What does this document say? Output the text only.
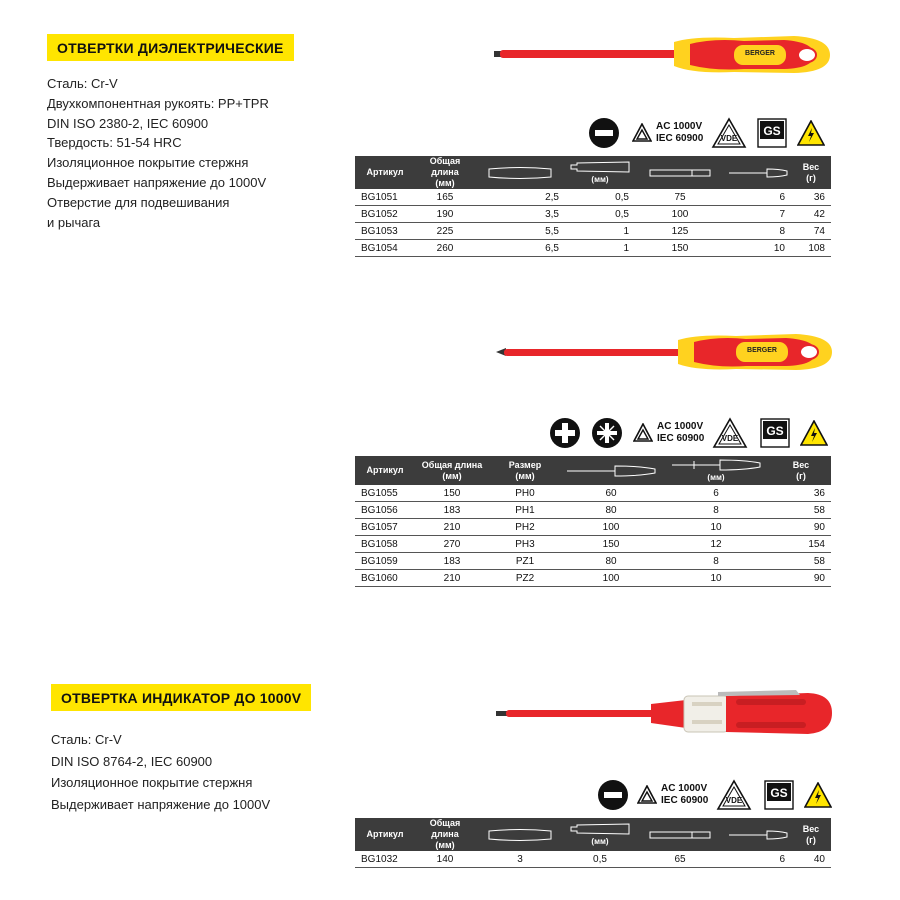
ОТВЕРТКИ ДИЭЛЕКТРИЧЕСКИЕ
Сталь: Cr-V
Двухкомпонентная рукоять: PP+TPR
DIN ISO 2380-2, IEC 60900
Твердость: 51-54 HRC
Изоляционное покрытие стержня
Выдерживает напряжение до 1000V
Отверстие для подвешивания
и рычага
BERGER
AC 1000V
IEC 60900 VDE
GS
Артикул	Общая длина
(мм)		(мм)			Вес
(г)
BG1051	165	2,5	0,5	75	6	36
BG1052	190	3,5	0,5	100	7	42
BG1053	225	5,5	1	125	8	74
BG1054	260	6,5	1	150	10	108
BERGER
AC 1000V
IEC 60900 VDE
GS
Артикул	Общая длина
(мм)	Размер
(мм)		(мм)	Вес
(г)
BG1055	150	PH0	60	6	36
BG1056	183	PH1	80	8	58
BG1057	210	PH2	100	10	90
BG1058	270	PH3	150	12	154
BG1059	183	PZ1	80	8	58
BG1060	210	PZ2	100	10	90
ОТВЕРТКА ИНДИКАТОР ДО 1000V
Сталь: Cr-V
DIN ISO 8764-2, IEC 60900
Изоляционное покрытие стержня
Выдерживает напряжение до 1000V
AC 1000V
IEC 60900 VDE
GS
Артикул	Общая длина
(мм)		(мм)			Вес
(г)
BG1032	140	3	0,5	65	6	40
